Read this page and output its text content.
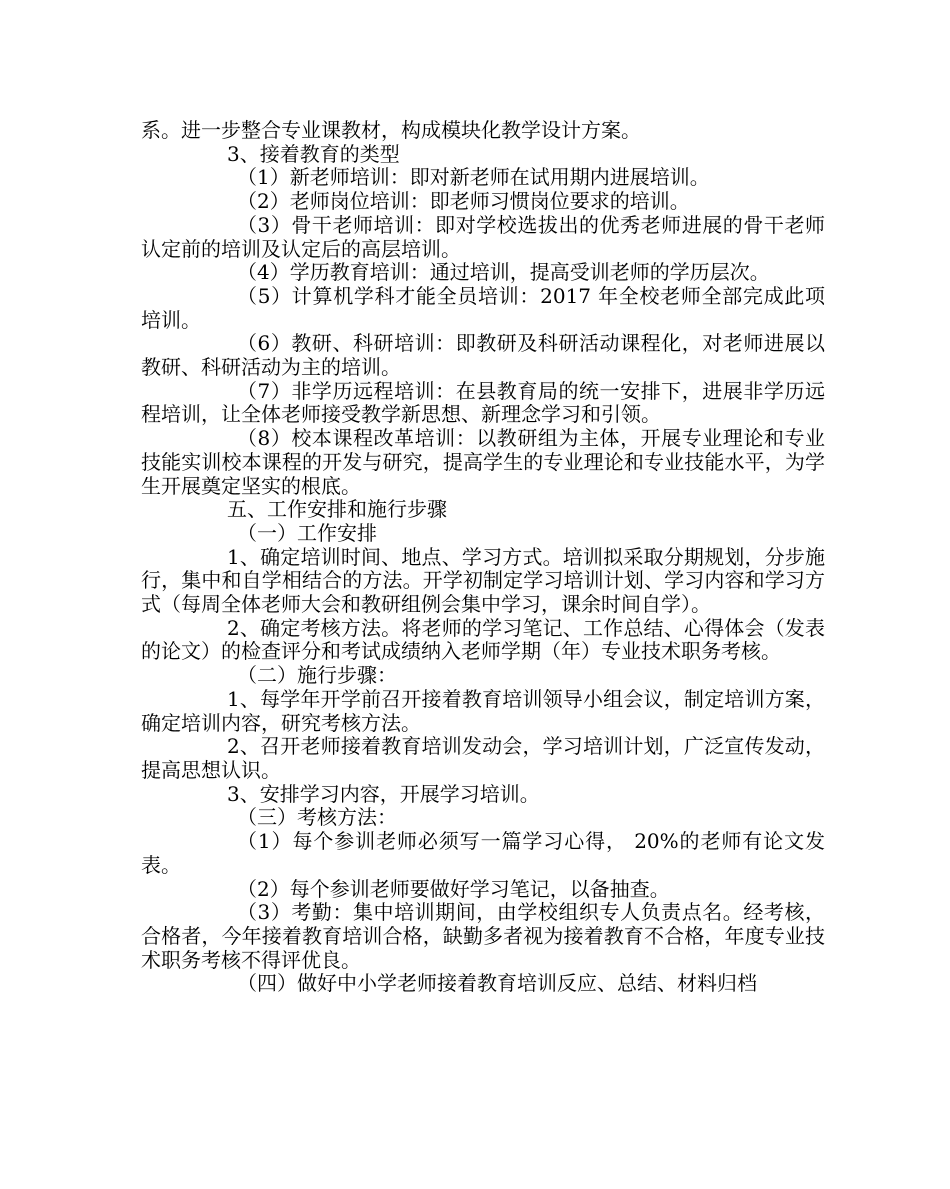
系。进一步整合专业课教材，构成模块化教学设计方案。

3、接着教育的类型

（1）新老师培训：即对新老师在试用期内进展培训。

（2）老师岗位培训：即老师习惯岗位要求的培训。

（3）骨干老师培训：即对学校选拔出的优秀老师进展的骨干老师认定前的培训及认定后的高层培训。

（4）学历教育培训：通过培训，提高受训老师的学历层次。

（5）计算机学科才能全员培训：2017 年全校老师全部完成此项培训。

（6）教研、科研培训：即教研及科研活动课程化，对老师进展以教研、科研活动为主的培训。

（7）非学历远程培训：在县教育局的统一安排下，进展非学历远程培训，让全体老师接受教学新思想、新理念学习和引领。

（8）校本课程改革培训：以教研组为主体，开展专业理论和专业技能实训校本课程的开发与研究，提高学生的专业理论和专业技能水平，为学生开展奠定坚实的根底。

五、工作安排和施行步骤

（一）工作安排

1、确定培训时间、地点、学习方式。培训拟采取分期规划，分步施行，集中和自学相结合的方法。开学初制定学习培训计划、学习内容和学习方式（每周全体老师大会和教研组例会集中学习，课余时间自学）。

2、确定考核方法。将老师的学习笔记、工作总结、心得体会（发表的论文）的检查评分和考试成绩纳入老师学期（年）专业技术职务考核。

（二）施行步骤：

1、每学年开学前召开接着教育培训领导小组会议，制定培训方案，确定培训内容，研究考核方法。

2、召开老师接着教育培训发动会，学习培训计划，广泛宣传发动，提高思想认识。

3、安排学习内容，开展学习培训。

（三）考核方法：

（1）每个参训老师必须写一篇学习心得， 20%的老师有论文发表。

（2）每个参训老师要做好学习笔记，以备抽查。

（3）考勤：集中培训期间，由学校组织专人负责点名。经考核，合格者，今年接着教育培训合格，缺勤多者视为接着教育不合格，年度专业技术职务考核不得评优良。

（四）做好中小学老师接着教育培训反应、总结、材料归档
